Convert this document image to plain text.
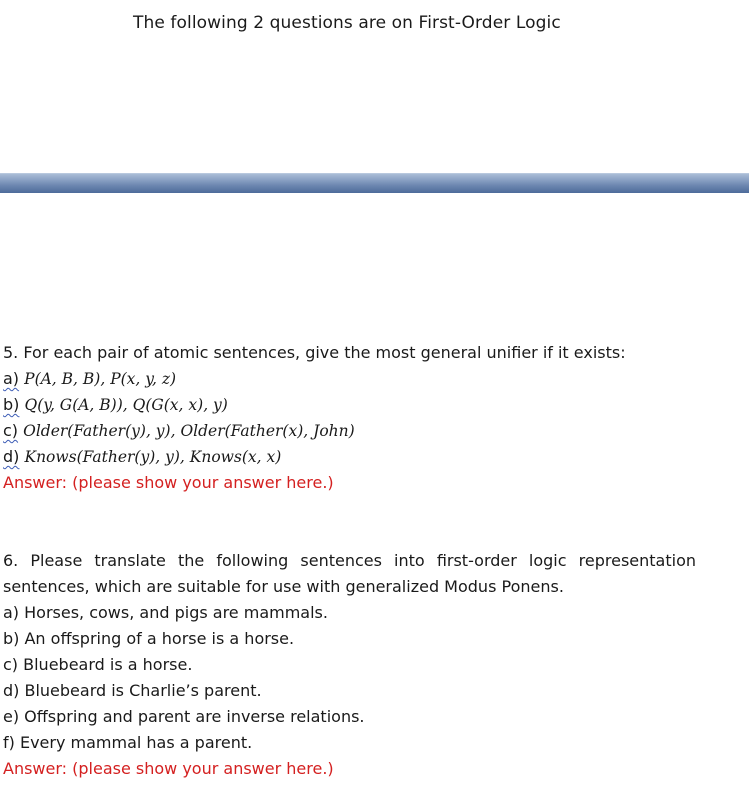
The following 2 questions are on First-Order Logic
5. For each pair of atomic sentences, give the most general unifier if it exists:
a) P(A, B, B), P(x, y, z)
b) Q(y, G(A, B)), Q(G(x, x), y)
c) Older(Father(y), y), Older(Father(x), John)
d) Knows(Father(y), y), Knows(x, x)
Answer: (please show your answer here.)
6. Please translate the following sentences into first-order logic representation sentences, which are suitable for use with generalized Modus Ponens.
a) Horses, cows, and pigs are mammals.
b) An offspring of a horse is a horse.
c) Bluebeard is a horse.
d) Bluebeard is Charlie’s parent.
e) Offspring and parent are inverse relations.
f) Every mammal has a parent.
Answer: (please show your answer here.)
